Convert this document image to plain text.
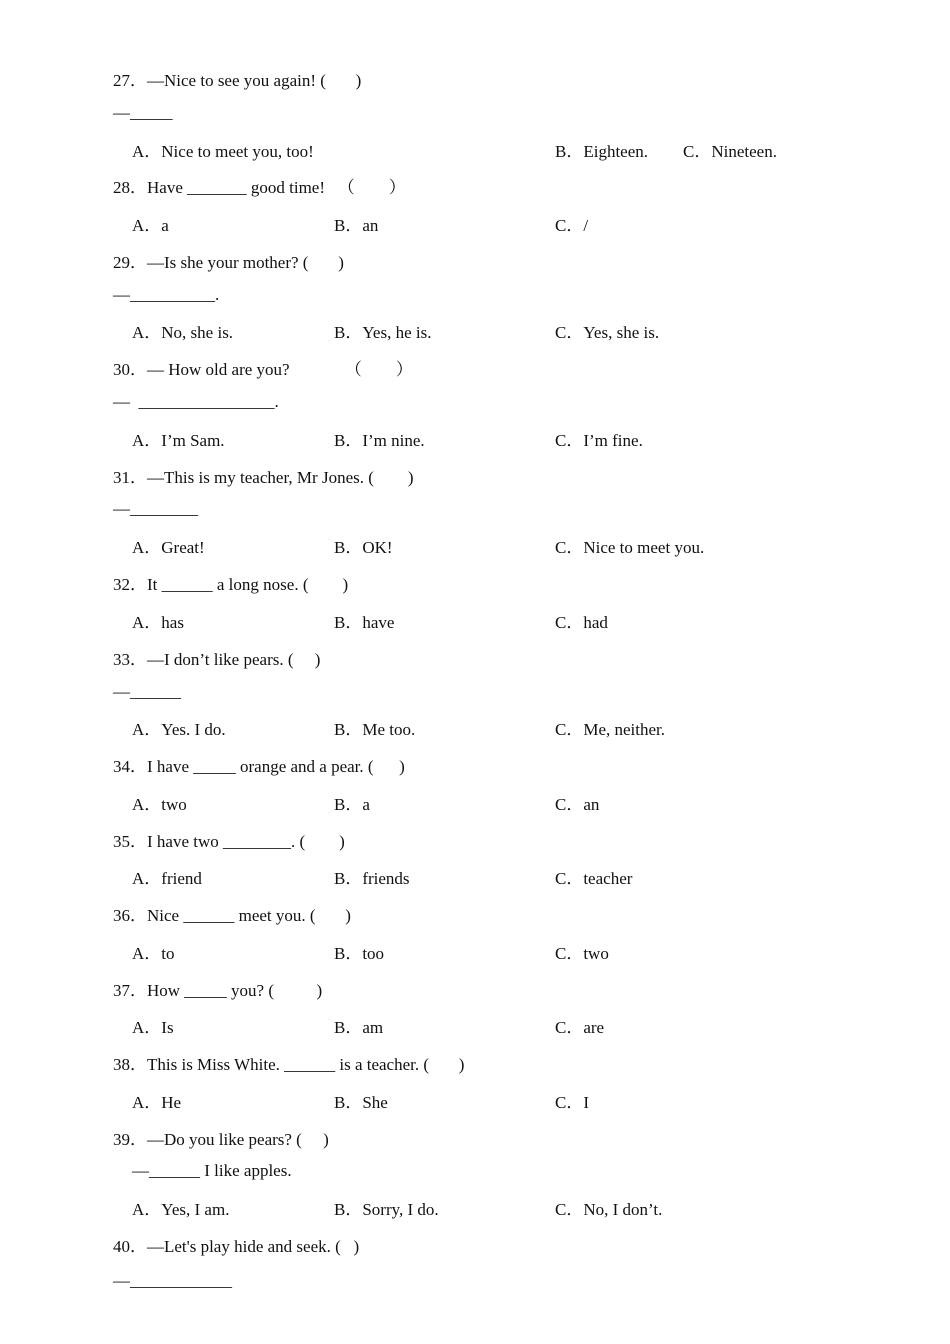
27．—Nice to see you again! (       )
—_____
A．Nice to meet you, too!	B．Eighteen. C．Nineteen.
28．Have _______ good time!   （        ）
A．a	B．an	C．/
29．—Is she your mother? (       )
—__________.
A．No, she is.	B．Yes, he is.	C．Yes, she is.
30．— How old are you?             （        ）
—  ________________.
A．I’m Sam.	B．I’m nine.	C．I’m fine.
31．—This is my teacher, Mr Jones. (        )
—________
A．Great!	B．OK!	C．Nice to meet you.
32．It ______ a long nose. (        )
A．has	B．have	C．had
33．—I don’t like pears. (     )
—______
A．Yes. I do.	B．Me too.	C．Me, neither.
34．I have _____ orange and a pear. (      )
A．two	B．a	C．an
35．I have two ________. (        )
A．friend	B．friends	C．teacher
36．Nice ______ meet you. (       )
A．to	B．too	C．two
37．How _____ you? (          )
A．Is	B．am	C．are
38．This is Miss White. ______ is a teacher. (       )
A．He	B．She	C．I
39．—Do you like pears? (     )
—______ I like apples.
A．Yes, I am.	B．Sorry, I do.	C．No, I don’t.
40．—Let's play hide and seek. (   )
—____________
